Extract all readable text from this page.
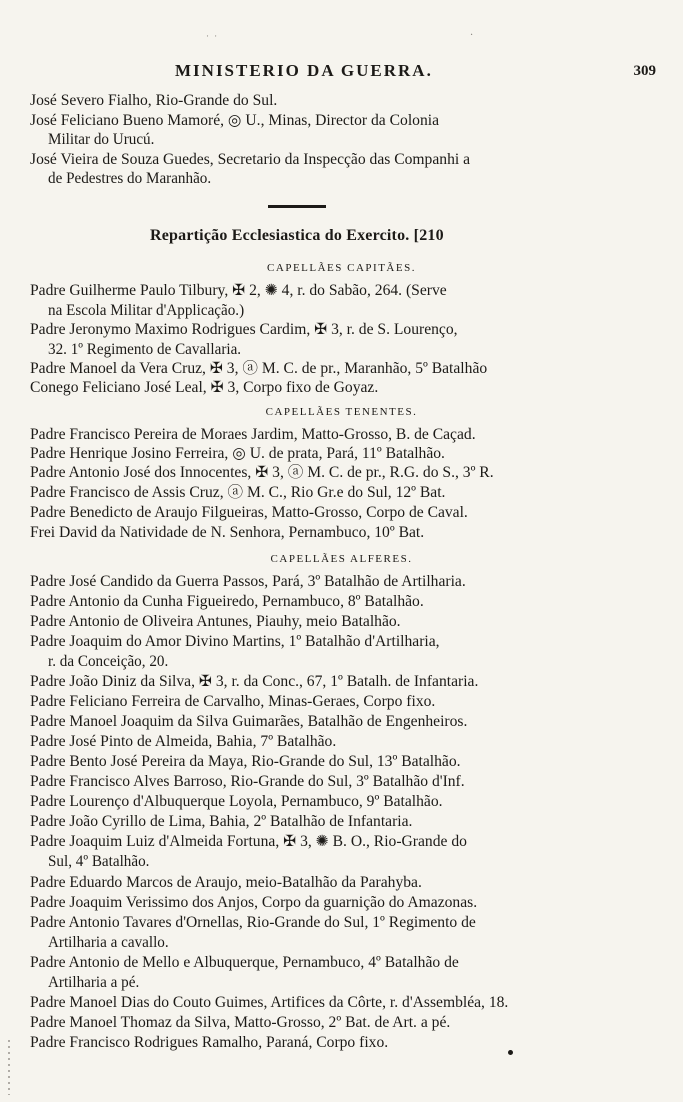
˙ ˙	·
MINISTERIO DA GUERRA.	309
José Severo Fialho, Rio-Grande do Sul.
José Feliciano Bueno Mamoré, ◎ U., Minas, Director da Colonia
Militar do Urucú.
José Vieira de Souza Guedes, Secretario da Inspecção das Companhi a
de Pedestres do Maranhão.
Repartição Ecclesiastica do Exercito. [210
CAPELLÃES CAPITÃES.
Padre Guilherme Paulo Tilbury, ✠ 2, ✺ 4, r. do Sabão, 264. (Serve
na Escola Militar d'Applicação.)
Padre Jeronymo Maximo Rodrigues Cardim, ✠ 3, r. de S. Lourenço,
32. 1º Regimento de Cavallaria.
Padre Manoel da Vera Cruz, ✠ 3, ⓐ M. C. de pr., Maranhão, 5º Batalhão
Conego Feliciano José Leal, ✠ 3, Corpo fixo de Goyaz.
CAPELLÃES TENENTES.
Padre Francisco Pereira de Moraes Jardim, Matto-Grosso, B. de Caçad.
Padre Henrique Josino Ferreira, ◎ U. de prata, Pará, 11º Batalhão.
Padre Antonio José dos Innocentes, ✠ 3, ⓐ M. C. de pr., R.G. do S., 3º R.
Padre Francisco de Assis Cruz, ⓐ M. C., Rio Gr.e do Sul, 12º Bat.
Padre Benedicto de Araujo Filgueiras, Matto-Grosso, Corpo de Caval.
Frei David da Natividade de N. Senhora, Pernambuco, 10º Bat.
CAPELLÃES ALFERES.
Padre José Candido da Guerra Passos, Pará, 3º Batalhão de Artilharia.
Padre Antonio da Cunha Figueiredo, Pernambuco, 8º Batalhão.
Padre Antonio de Oliveira Antunes, Piauhy, meio Batalhão.
Padre Joaquim do Amor Divino Martins, 1º Batalhão d'Artilharia,
r. da Conceição, 20.
Padre João Diniz da Silva, ✠ 3, r. da Conc., 67, 1º Batalh. de Infantaria.
Padre Feliciano Ferreira de Carvalho, Minas-Geraes, Corpo fixo.
Padre Manoel Joaquim da Silva Guimarães, Batalhão de Engenheiros.
Padre José Pinto de Almeida, Bahia, 7º Batalhão.
Padre Bento José Pereira da Maya, Rio-Grande do Sul, 13º Batalhão.
Padre Francisco Alves Barroso, Rio-Grande do Sul, 3º Batalhão d'Inf.
Padre Lourenço d'Albuquerque Loyola, Pernambuco, 9º Batalhão.
Padre João Cyrillo de Lima, Bahia, 2º Batalhão de Infantaria.
Padre Joaquim Luiz d'Almeida Fortuna, ✠ 3, ✺ B. O., Rio-Grande do
Sul, 4º Batalhão.
Padre Eduardo Marcos de Araujo, meio-Batalhão da Parahyba.
Padre Joaquim Verissimo dos Anjos, Corpo da guarnição do Amazonas.
Padre Antonio Tavares d'Ornellas, Rio-Grande do Sul, 1º Regimento de
Artilharia a cavallo.
Padre Antonio de Mello e Albuquerque, Pernambuco, 4º Batalhão de
Artilharia a pé.
Padre Manoel Dias do Couto Guimes, Artifices da Côrte, r. d'Assembléa, 18.
Padre Manoel Thomaz da Silva, Matto-Grosso, 2º Bat. de Art. a pé.
Padre Francisco Rodrigues Ramalho, Paraná, Corpo fixo.
